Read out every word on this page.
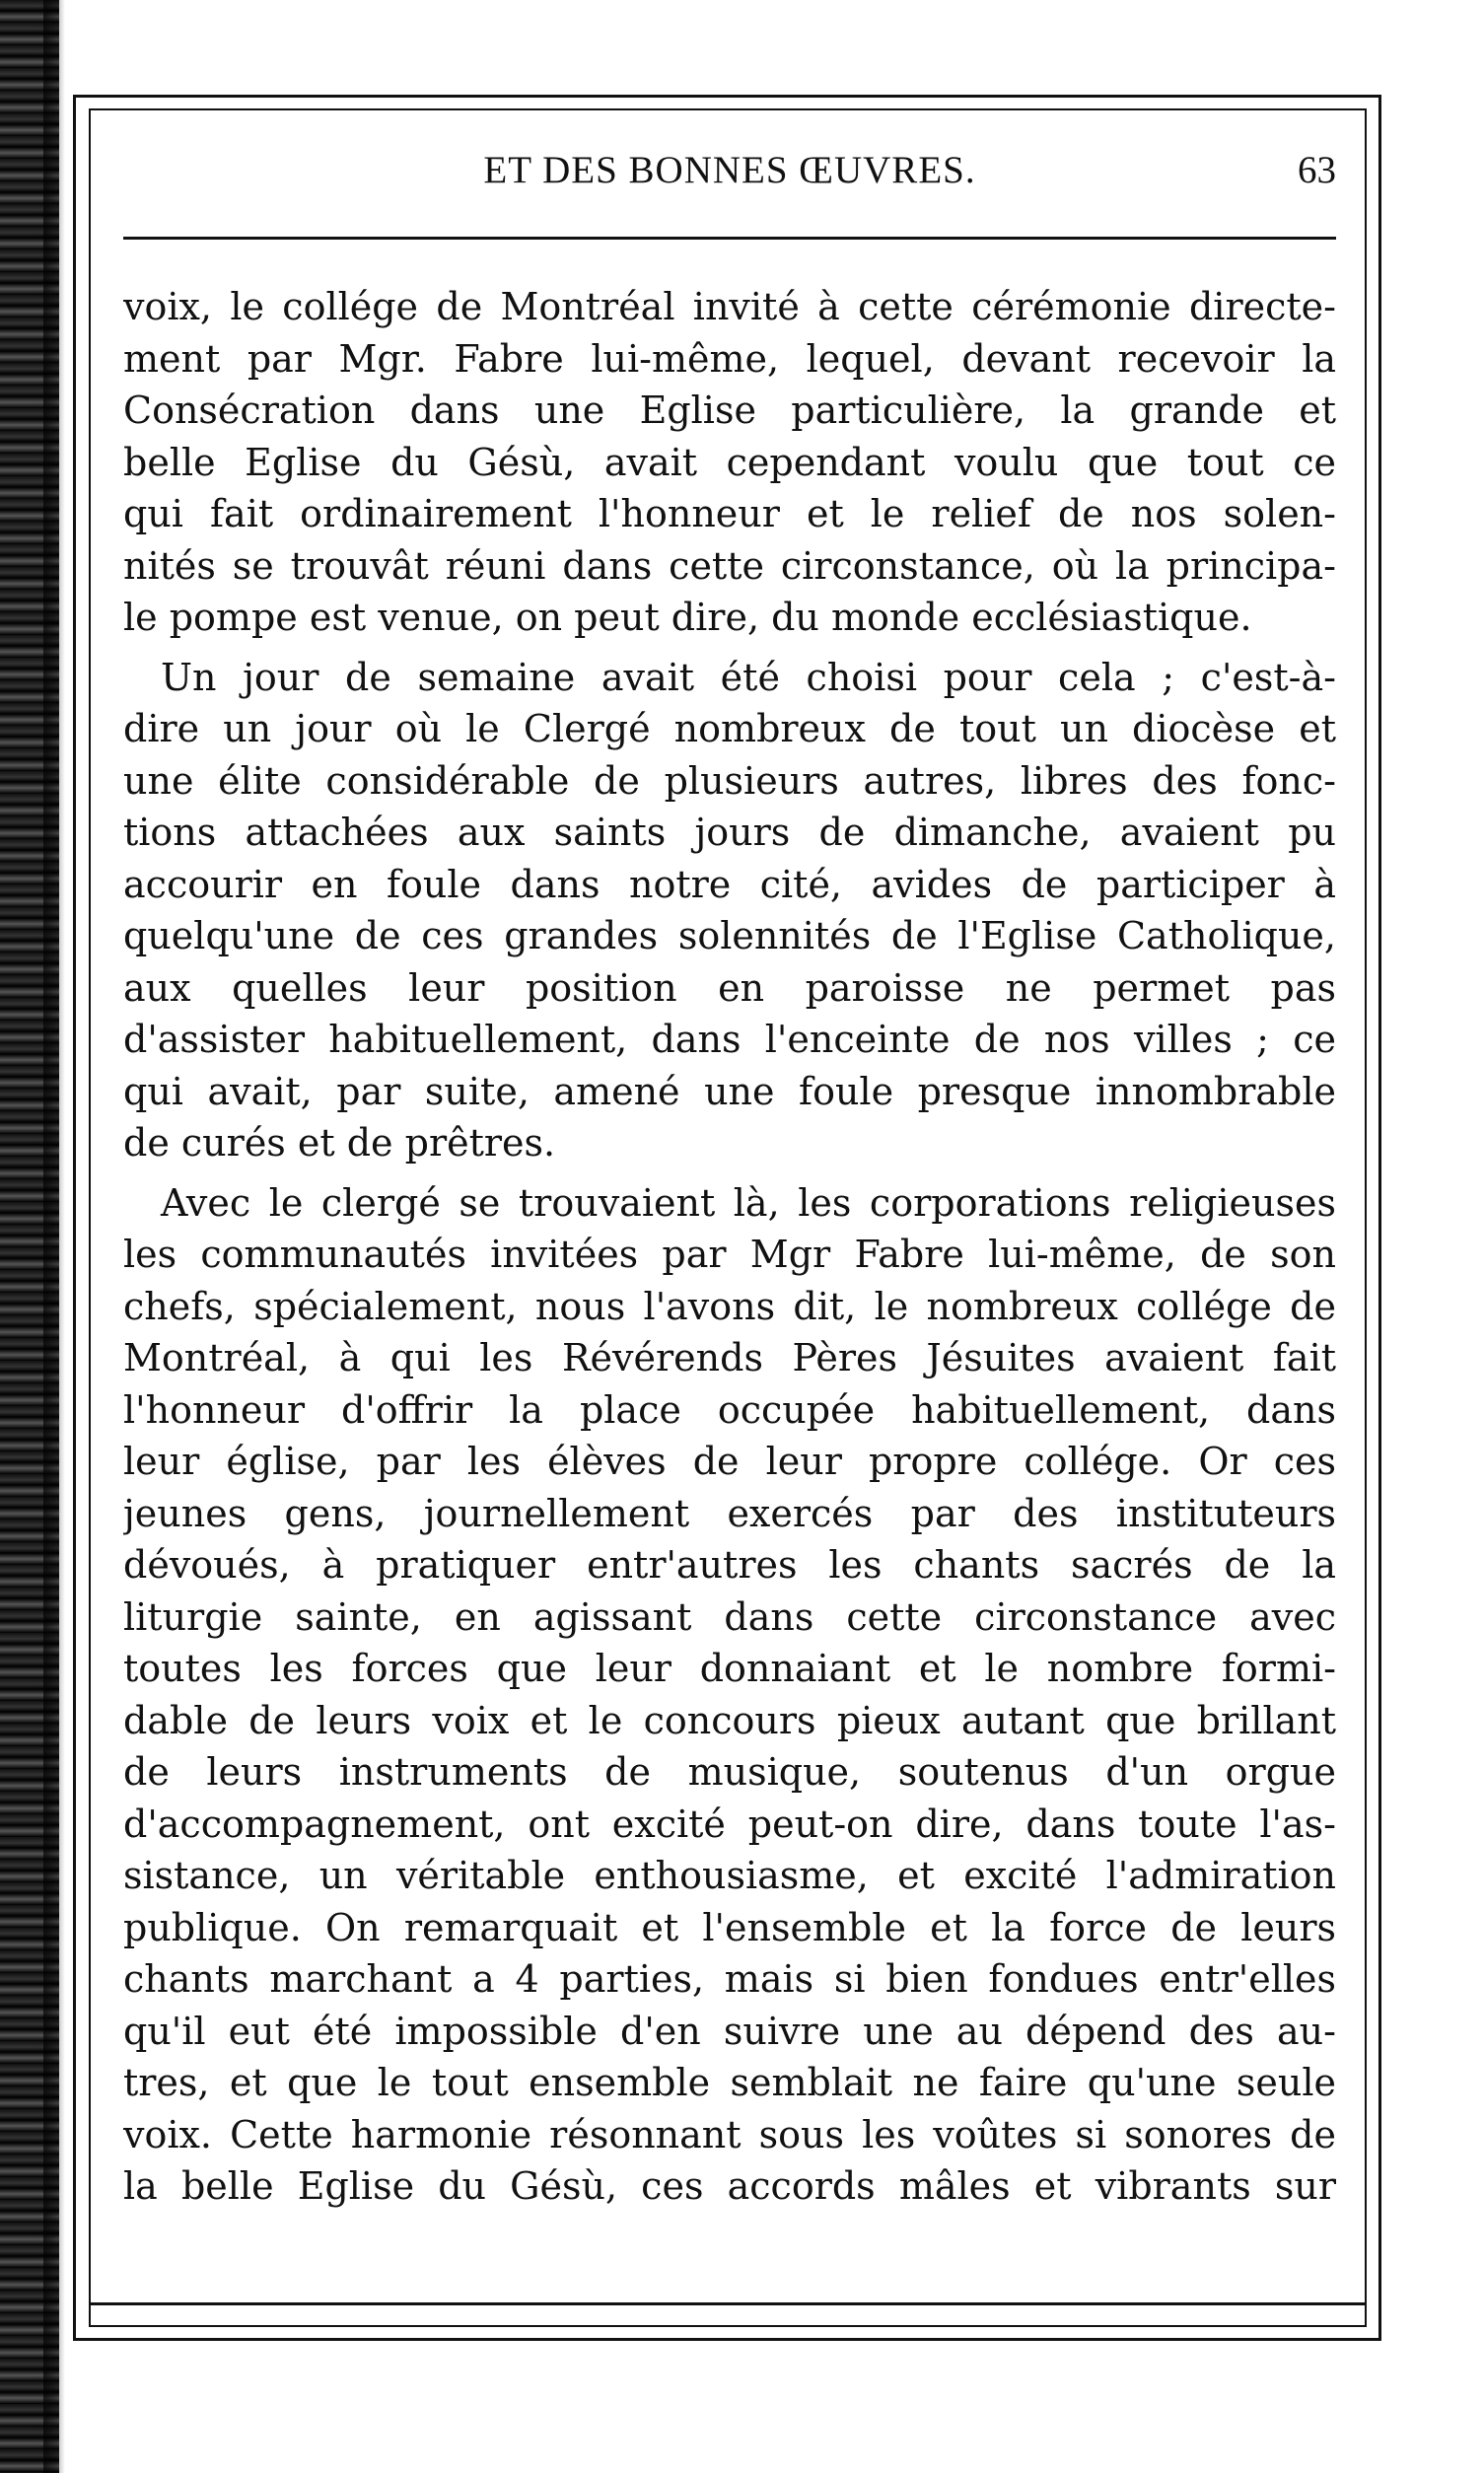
ET DES BONNES ŒUVRES.	63
voix, le collége de Montréal invité à cette cérémonie directe-
ment par Mgr. Fabre lui-même, lequel, devant recevoir la
Consécration dans une Eglise particulière, la grande et
belle Eglise du Gésù, avait cependant voulu que tout ce
qui fait ordinairement l'honneur et le relief de nos solen-
nités se trouvât réuni dans cette circonstance, où la principa-
le pompe est venue, on peut dire, du monde ecclésiastique.
Un jour de semaine avait été choisi pour cela ; c'est-à-
dire un jour où le Clergé nombreux de tout un diocèse et
une élite considérable de plusieurs autres, libres des fonc-
tions attachées aux saints jours de dimanche, avaient pu
accourir en foule dans notre cité, avides de participer à
quelqu'une de ces grandes solennités de l'Eglise Catholique,
aux quelles leur position en paroisse ne permet pas
d'assister habituellement, dans l'enceinte de nos villes ; ce
qui avait, par suite, amené une foule presque innombrable
de curés et de prêtres.
Avec le clergé se trouvaient là, les corporations religieuses
les communautés invitées par Mgr Fabre lui-même, de son
chefs, spécialement, nous l'avons dit, le nombreux collége de
Montréal, à qui les Révérends Pères Jésuites avaient fait
l'honneur d'offrir la place occupée habituellement, dans
leur église, par les élèves de leur propre collége. Or ces
jeunes gens, journellement exercés par des instituteurs
dévoués, à pratiquer entr'autres les chants sacrés de la
liturgie sainte, en agissant dans cette circonstance avec
toutes les forces que leur donnaiant et le nombre formi-
dable de leurs voix et le concours pieux autant que brillant
de leurs instruments de musique, soutenus d'un orgue
d'accompagnement, ont excité peut-on dire, dans toute l'as-
sistance, un véritable enthousiasme, et excité l'admiration
publique. On remarquait et l'ensemble et la force de leurs
chants marchant a 4 parties, mais si bien fondues entr'elles
qu'il eut été impossible d'en suivre une au dépend des au-
tres, et que le tout ensemble semblait ne faire qu'une seule
voix. Cette harmonie résonnant sous les voûtes si sonores de
la belle Eglise du Gésù, ces accords mâles et vibrants sur
